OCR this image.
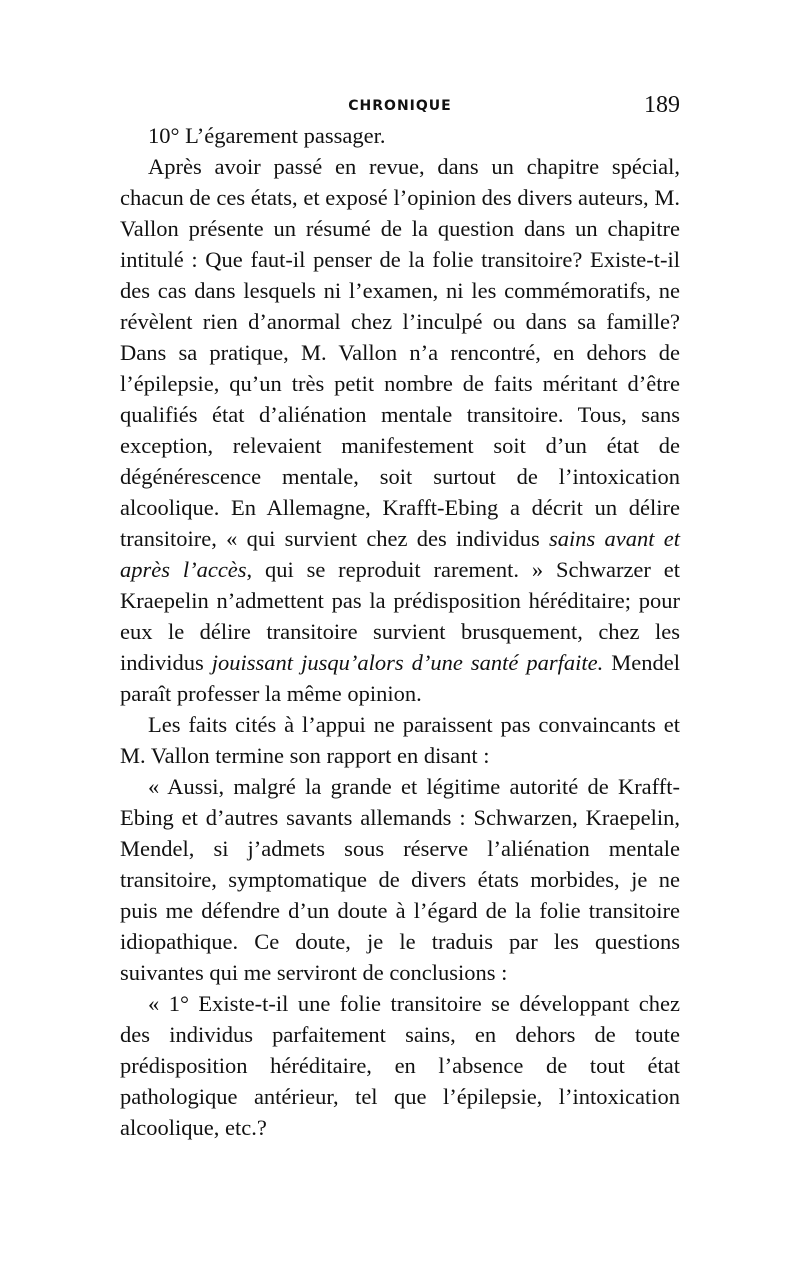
CHRONIQUE	189

10° L’égarement passager.

Après avoir passé en revue, dans un chapitre spécial, chacun de ces états, et exposé l’opinion des divers auteurs, M. Vallon présente un résumé de la question dans un chapitre intitulé : Que faut-il penser de la folie transitoire? Existe-t-il des cas dans lesquels ni l’examen, ni les commémoratifs, ne révèlent rien d’anormal chez l’inculpé ou dans sa famille? Dans sa pratique, M. Vallon n’a rencontré, en dehors de l’épilepsie, qu’un très petit nombre de faits méritant d’être qualifiés état d’aliénation mentale transitoire. Tous, sans exception, relevaient manifestement soit d’un état de dégénérescence mentale, soit surtout de l’intoxication alcoolique. En Allemagne, Krafft-Ebing a décrit un délire transitoire, « qui survient chez des individus sains avant et après l’accès, qui se reproduit rarement. » Schwarzer et Kraepelin n’admettent pas la prédisposition héréditaire; pour eux le délire transitoire survient brusquement, chez les individus jouissant jusqu’alors d’une santé parfaite. Mendel paraît professer la même opinion.

Les faits cités à l’appui ne paraissent pas convaincants et M. Vallon termine son rapport en disant :

« Aussi, malgré la grande et légitime autorité de Krafft-Ebing et d’autres savants allemands : Schwarzen, Kraepelin, Mendel, si j’admets sous réserve l’aliénation mentale transitoire, symptomatique de divers états morbides, je ne puis me défendre d’un doute à l’égard de la folie transitoire idiopathique. Ce doute, je le traduis par les questions suivantes qui me serviront de conclusions :

« 1° Existe-t-il une folie transitoire se développant chez des individus parfaitement sains, en dehors de toute prédisposition héréditaire, en l’absence de tout état pathologique antérieur, tel que l’épilepsie, l’intoxication alcoolique, etc.?
